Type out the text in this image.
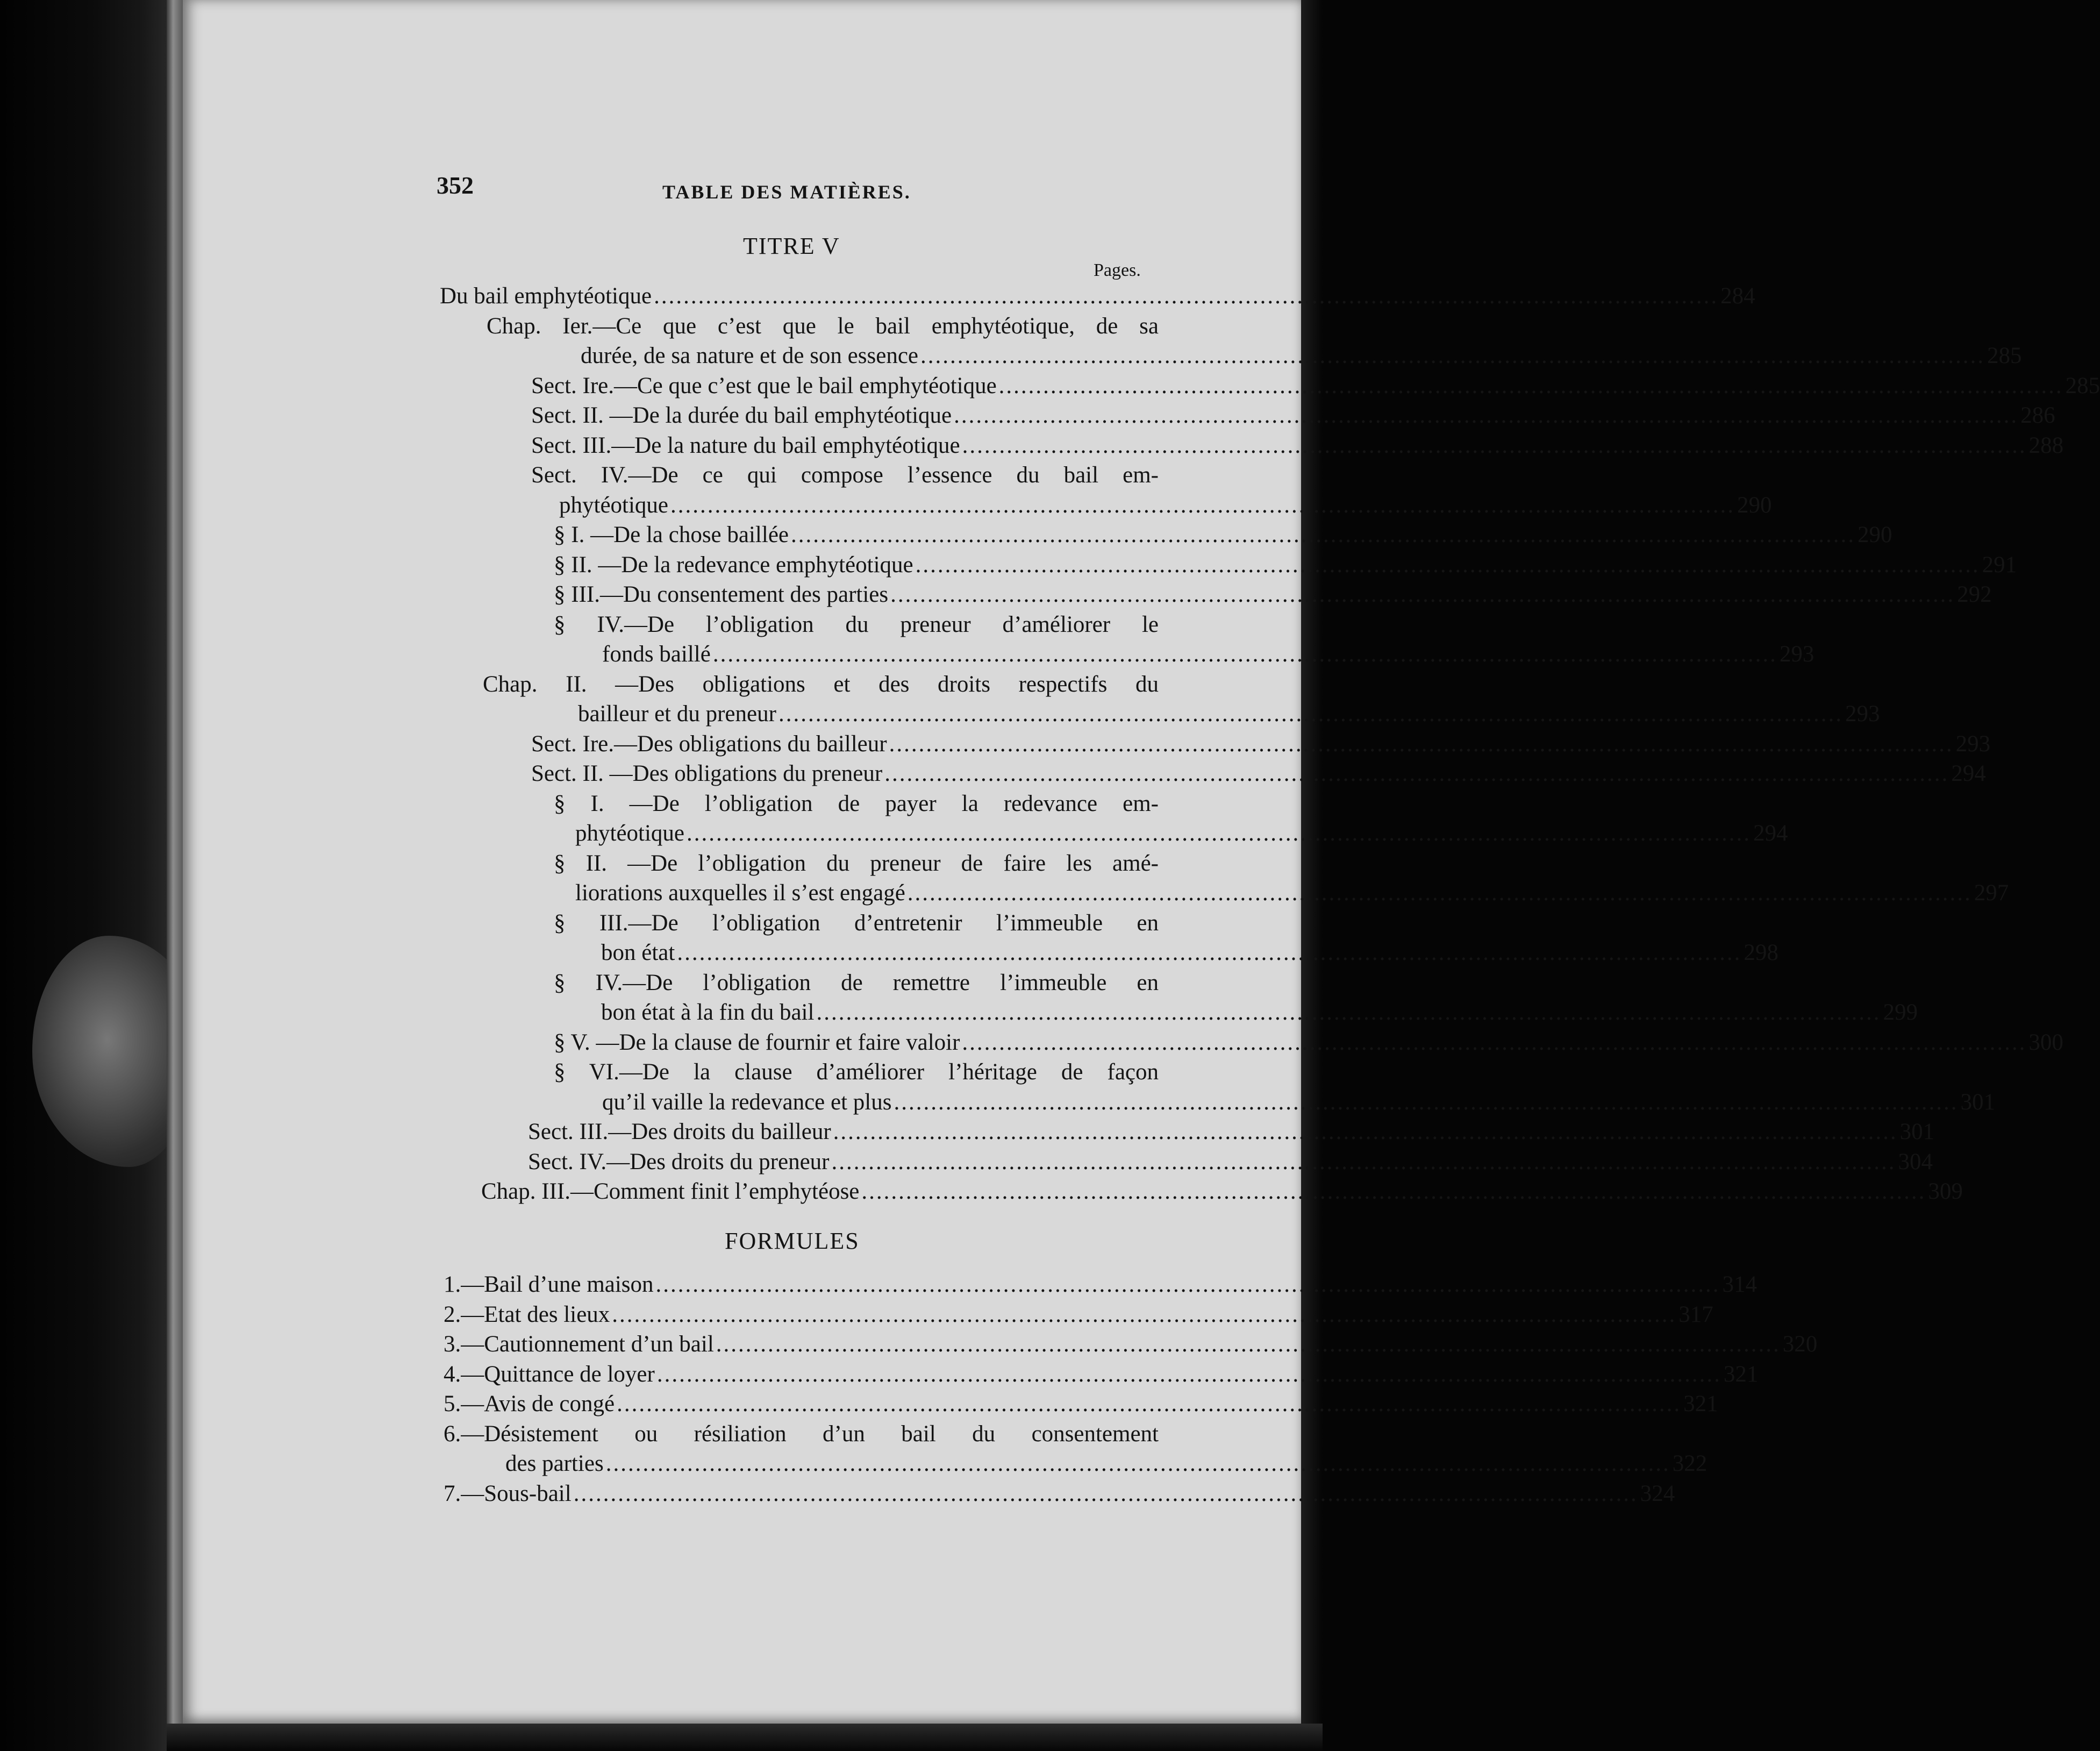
352	TABLE DES MATIÈRES.
TITRE V
Pages.
Du bail emphytéotique ................................................................................................................................................ 284
Chap. Ier.—Ce que c’est que le bail emphytéotique, de sa
durée, de sa nature et de son essence ................................................................................................................................................ 285
Sect. Ire.—Ce que c’est que le bail emphytéotique ................................................................................................................................................ 285
Sect. II. —De la durée du bail emphytéotique ................................................................................................................................................ 286
Sect. III.—De la nature du bail emphytéotique ................................................................................................................................................ 288
Sect. IV.—De ce qui compose l’essence du bail em-
phytéotique ................................................................................................................................................ 290
§ I. —De la chose baillée ................................................................................................................................................ 290
§ II. —De la redevance emphytéotique ................................................................................................................................................ 291
§ III.—Du consentement des parties ................................................................................................................................................ 292
§ IV.—De l’obligation du preneur d’améliorer le
fonds baillé ................................................................................................................................................ 293
Chap. II. —Des obligations et des droits respectifs du
bailleur et du preneur ................................................................................................................................................ 293
Sect. Ire.—Des obligations du bailleur ................................................................................................................................................ 293
Sect. II. —Des obligations du preneur ................................................................................................................................................ 294
§ I. —De l’obligation de payer la redevance em-
phytéotique ................................................................................................................................................ 294
§ II. —De l’obligation du preneur de faire les amé-
liorations auxquelles il s’est engagé ................................................................................................................................................ 297
§ III.—De l’obligation d’entretenir l’immeuble en
bon état ................................................................................................................................................ 298
§ IV.—De l’obligation de remettre l’immeuble en
bon état à la fin du bail ................................................................................................................................................ 299
§ V. —De la clause de fournir et faire valoir ................................................................................................................................................ 300
§ VI.—De la clause d’améliorer l’héritage de façon
qu’il vaille la redevance et plus ................................................................................................................................................ 301
Sect. III.—Des droits du bailleur ................................................................................................................................................ 301
Sect. IV.—Des droits du preneur ................................................................................................................................................ 304
Chap. III.—Comment finit l’emphytéose ................................................................................................................................................ 309
FORMULES
1.—Bail d’une maison ................................................................................................................................................ 314
2.—Etat des lieux ................................................................................................................................................ 317
3.—Cautionnement d’un bail ................................................................................................................................................ 320
4.—Quittance de loyer ................................................................................................................................................ 321
5.—Avis de congé ................................................................................................................................................ 321
6.—Désistement ou résiliation d’un bail du consentement
des parties ................................................................................................................................................ 322
7.—Sous-bail ................................................................................................................................................ 324
